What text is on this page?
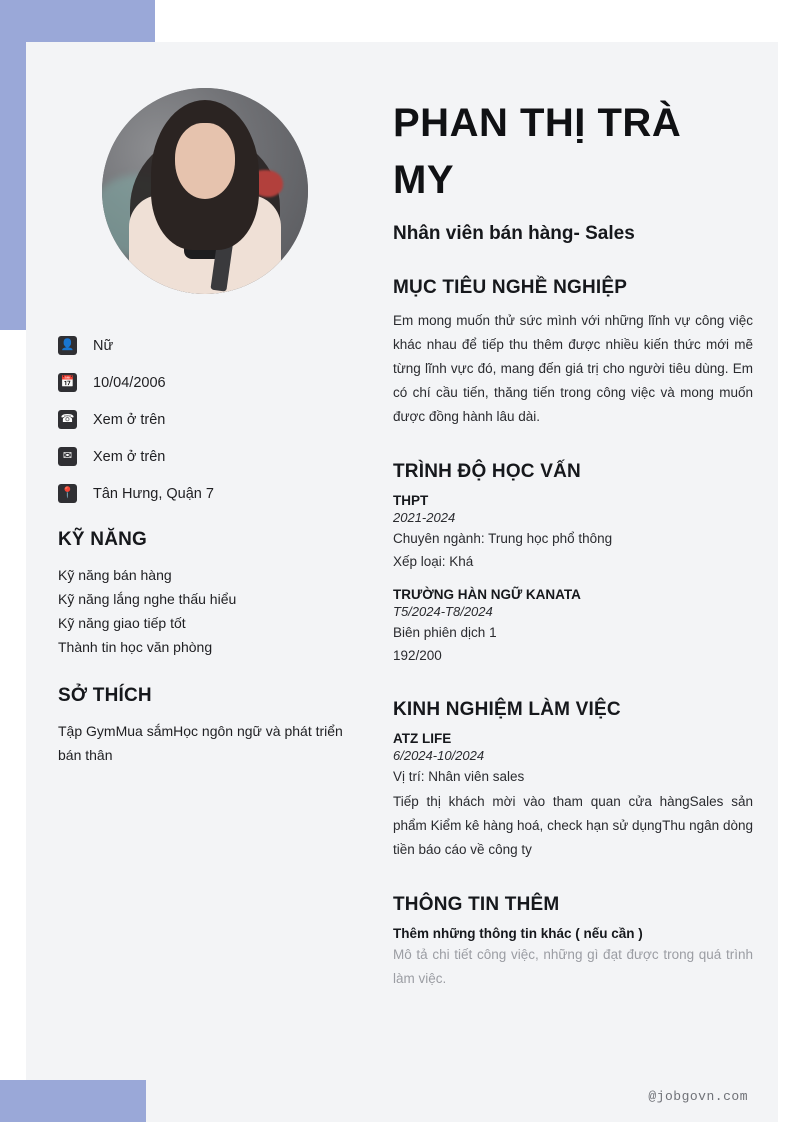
👤 Nữ
📅 10/04/2006
☎ Xem ở trên
✉	Xem ở trên
📍 Tân Hưng, Quận 7
KỸ NĂNG
Kỹ năng bán hàng
Kỹ năng lắng nghe thấu hiểu
Kỹ năng giao tiếp tốt
Thành tin học văn phòng
SỞ THÍCH
Tập GymMua sắmHọc ngôn ngữ và phát triển bán thân
PHAN THỊ TRÀ MY
Nhân viên bán hàng- Sales
MỤC TIÊU NGHỀ NGHIỆP

Em mong muốn thử sức mình với những lĩnh vự công việc khác nhau để tiếp thu thêm được nhiều kiến thức mới mẽ từng lĩnh vực đó, mang đến giá trị cho người tiêu dùng. Em có chí cầu tiến, thăng tiến trong công việc và mong muốn được đồng hành lâu dài.

TRÌNH ĐỘ HỌC VẤN

THPT

2021-2024

Chuyên ngành: Trung học phổ thông

Xếp loại: Khá

TRƯỜNG HÀN NGỮ KANATA

T5/2024-T8/2024

Biên phiên dịch 1

192/200

KINH NGHIỆM LÀM VIỆC

ATZ LIFE

6/2024-10/2024

Vị trí: Nhân viên sales

Tiếp thị khách mời vào tham quan cửa hàngSales sản phẩm Kiểm kê hàng hoá, check hạn sử dụngThu ngân dòng tiền báo cáo về công ty

THÔNG TIN THÊM

Thêm những thông tin khác ( nếu cần )

Mô tả chi tiết công việc, những gì đạt được trong quá trình làm việc.

@jobgovn.com
